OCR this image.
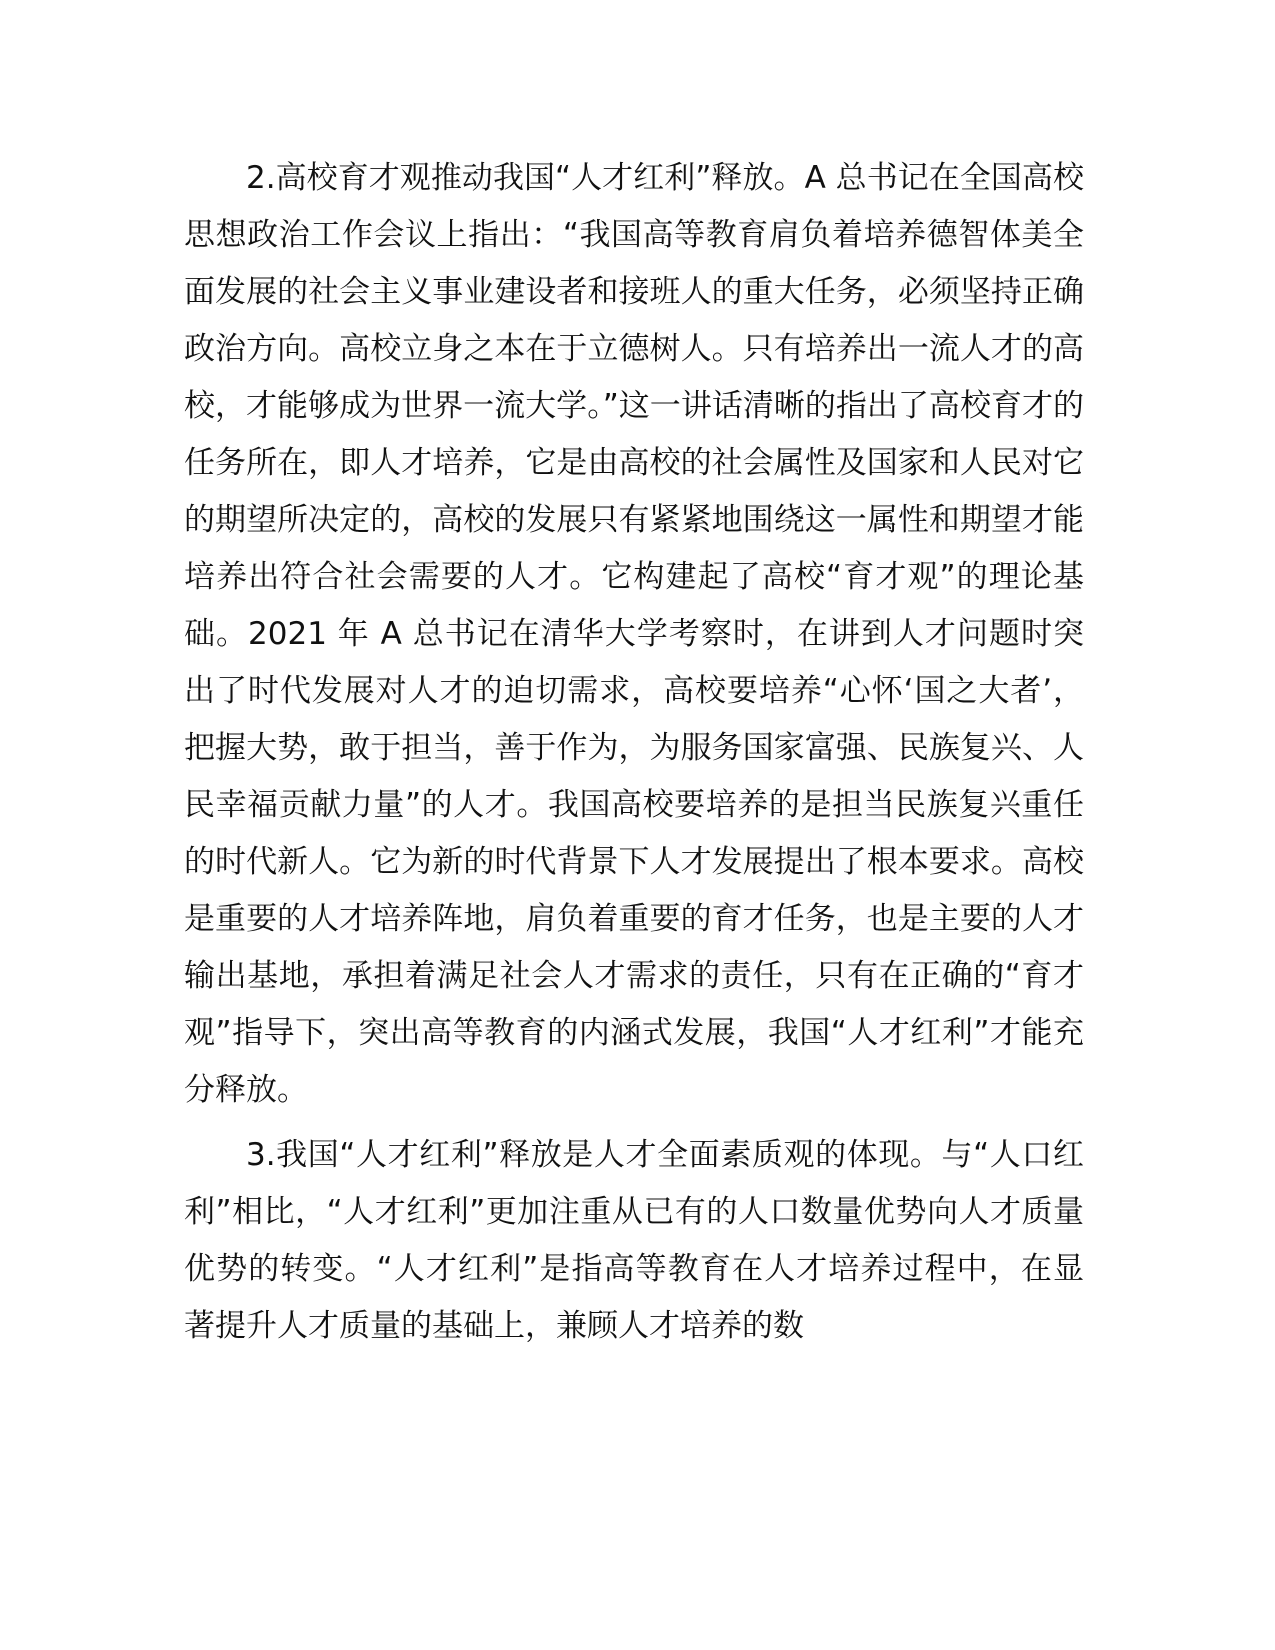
2.高校育才观推动我国“人才红利”释放。A 总书记在全国高校思想政治工作会议上指出：“我国高等教育肩负着培养德智体美全面发展的社会主义事业建设者和接班人的重大任务，必须坚持正确政治方向。高校立身之本在于立德树人。只有培养出一流人才的高校，才能够成为世界一流大学。”这一讲话清晰的指出了高校育才的任务所在，即人才培养，它是由高校的社会属性及国家和人民对它的期望所决定的，高校的发展只有紧紧地围绕这一属性和期望才能培养出符合社会需要的人才。它构建起了高校“育才观”的理论基础。2021 年 A 总书记在清华大学考察时，在讲到人才问题时突出了时代发展对人才的迫切需求，高校要培养“心怀‘国之大者’，把握大势，敢于担当，善于作为，为服务国家富强、民族复兴、人民幸福贡献力量”的人才。我国高校要培养的是担当民族复兴重任的时代新人。它为新的时代背景下人才发展提出了根本要求。高校是重要的人才培养阵地，肩负着重要的育才任务，也是主要的人才输出基地，承担着满足社会人才需求的责任，只有在正确的“育才观”指导下，突出高等教育的内涵式发展，我国“人才红利”才能充分释放。

3.我国“人才红利”释放是人才全面素质观的体现。与“人口红利”相比，“人才红利”更加注重从已有的人口数量优势向人才质量优势的转变。“人才红利”是指高等教育在人才培养过程中，在显著提升人才质量的基础上，兼顾人才培养的数
